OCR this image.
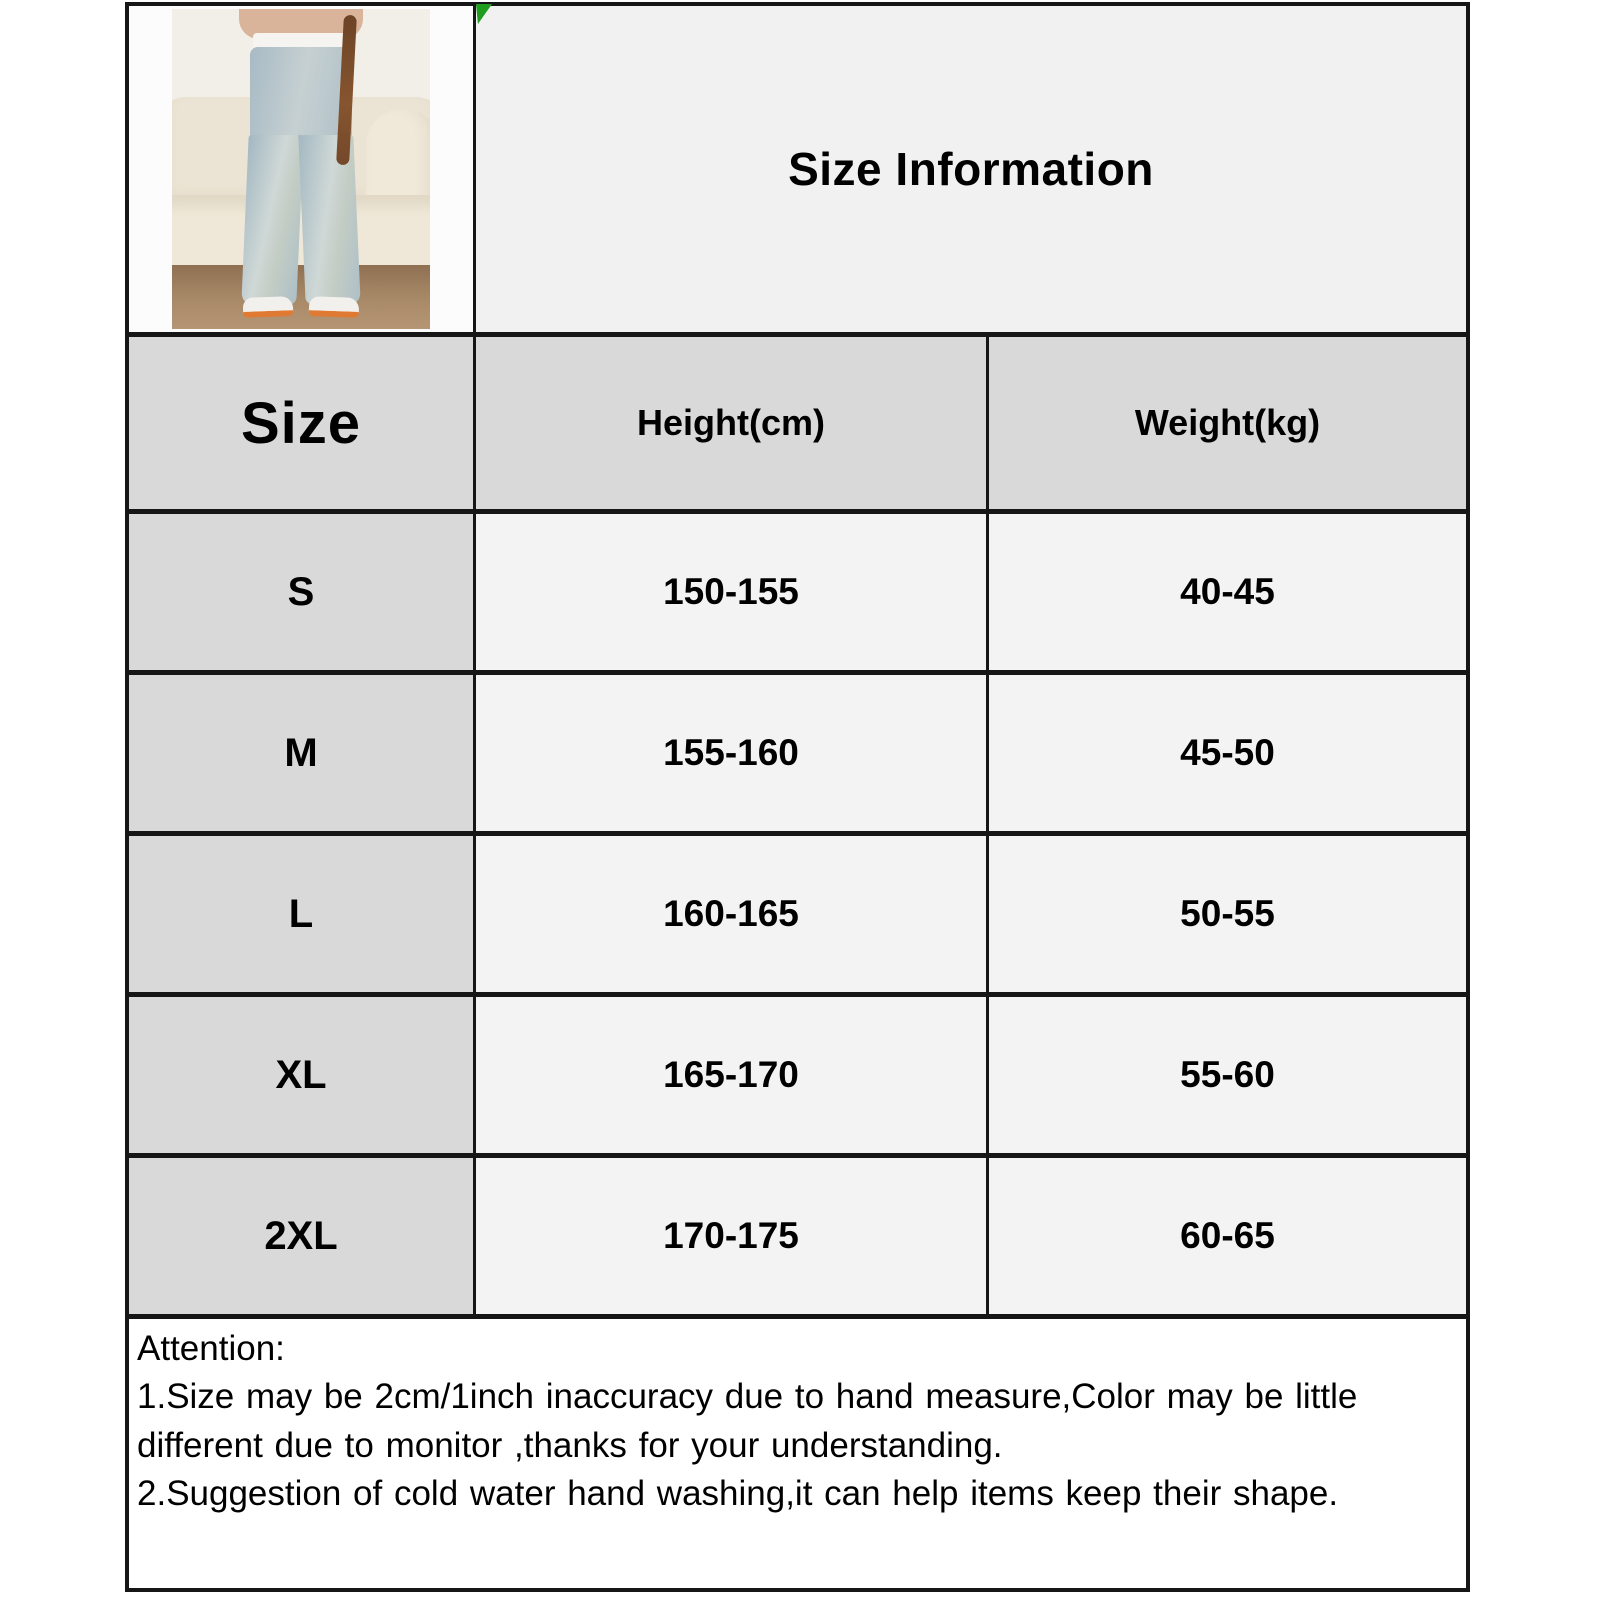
Size Information
Size	Height(cm)	Weight(kg)
S	150-155	40-45
M	155-160	45-50
L	160-165	50-55
XL	165-170	55-60
2XL	170-175	60-65
Attention:
1.Size may be 2cm/1inch inaccuracy due to hand measure,Color may be little different due to monitor ,thanks for your understanding.
2.Suggestion of cold water hand washing,it can help items keep their shape.
